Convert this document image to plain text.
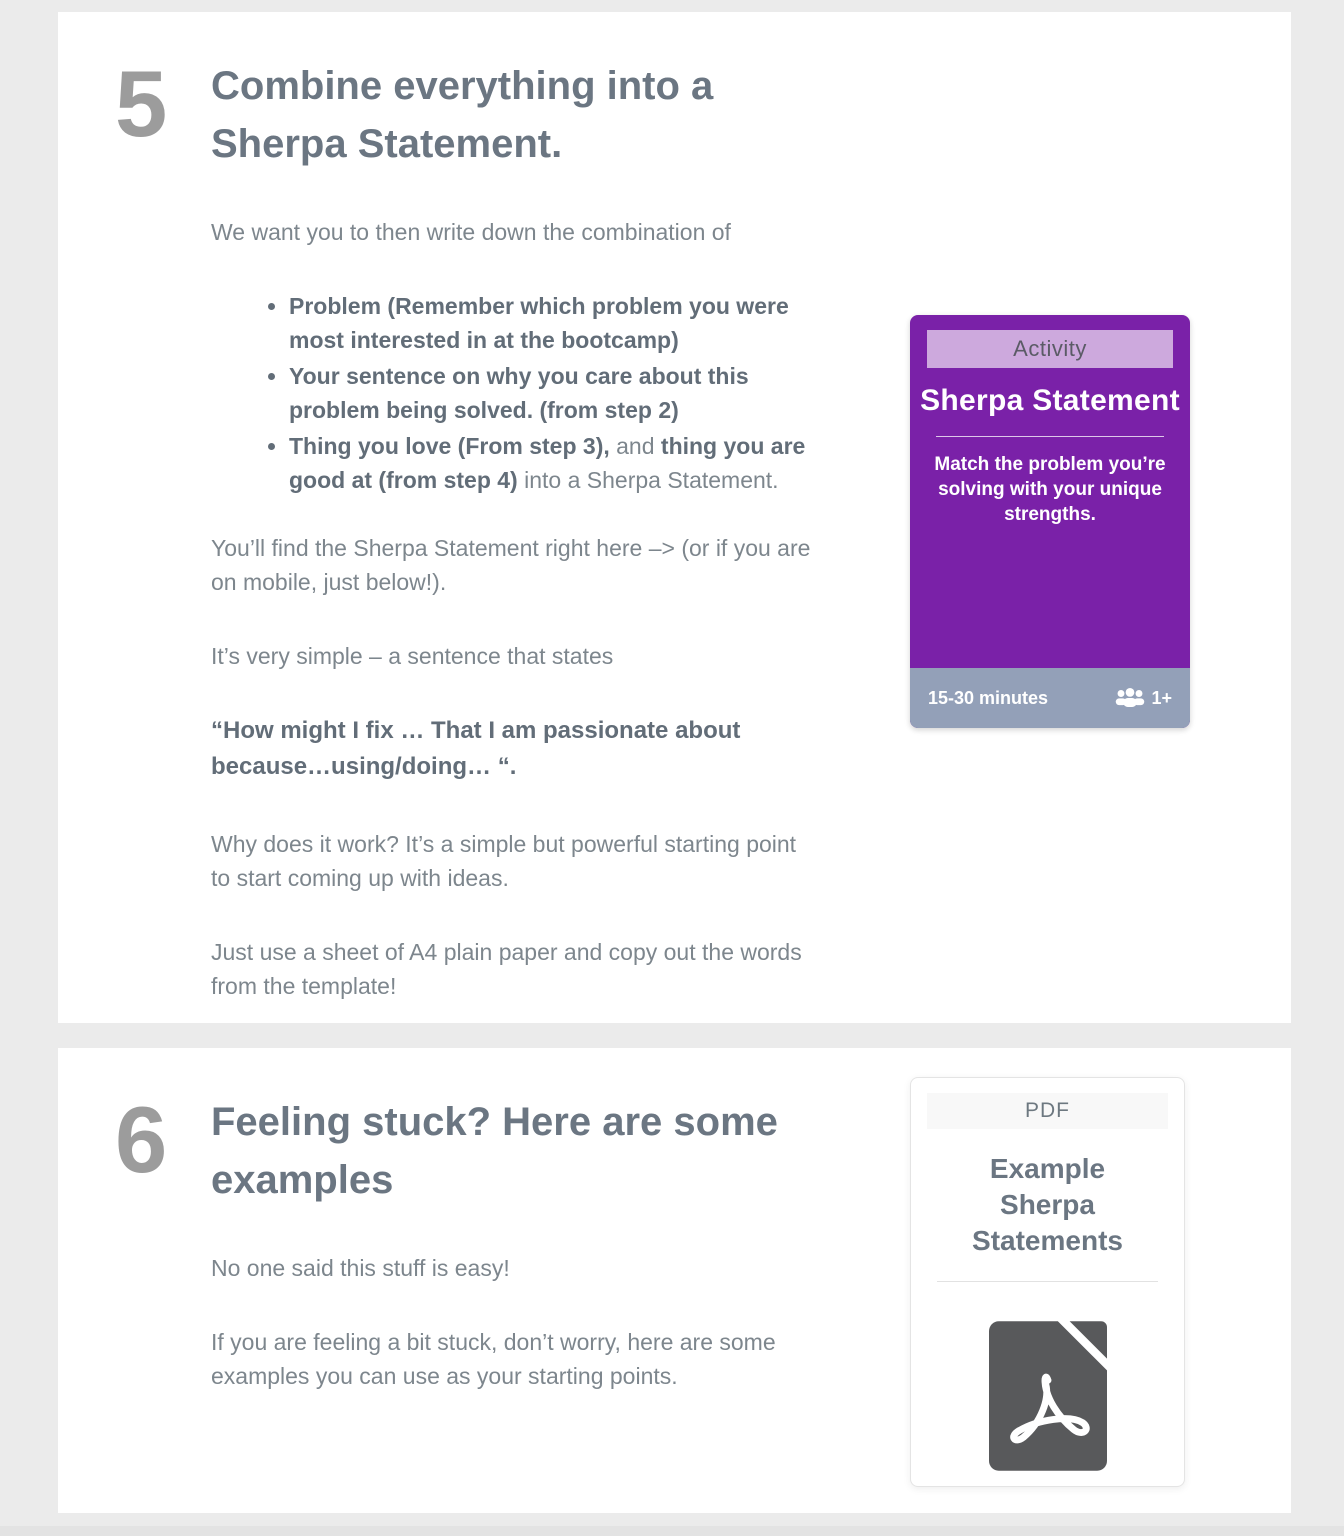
5	Combine everything into a
Sherpa Statement.

We want you to then write down the combination of

• Problem (Remember which problem you were most interested in at the bootcamp)
• Your sentence on why you care about this problem being solved. (from step 2)
• Thing you love (From step 3), and thing you are good at (from step 4) into a Sherpa Statement.

You’ll find the Sherpa Statement right here –> (or if you are on mobile, just below!).

It’s very simple – a sentence that states

“How might I fix … That I am passionate about because…using/doing… “.

Why does it work? It’s a simple but powerful starting point to start coming up with ideas.

Just use a sheet of A4 plain paper and copy out the words from the template!

Activity
Sherpa Statement
Match the problem you’re solving with your unique strengths.
15-30 minutes	1+
6	Feeling stuck? Here are some
examples

No one said this stuff is easy!

If you are feeling a bit stuck, don’t worry, here are some examples you can use as your starting points.

PDF
Example Sherpa Statements
